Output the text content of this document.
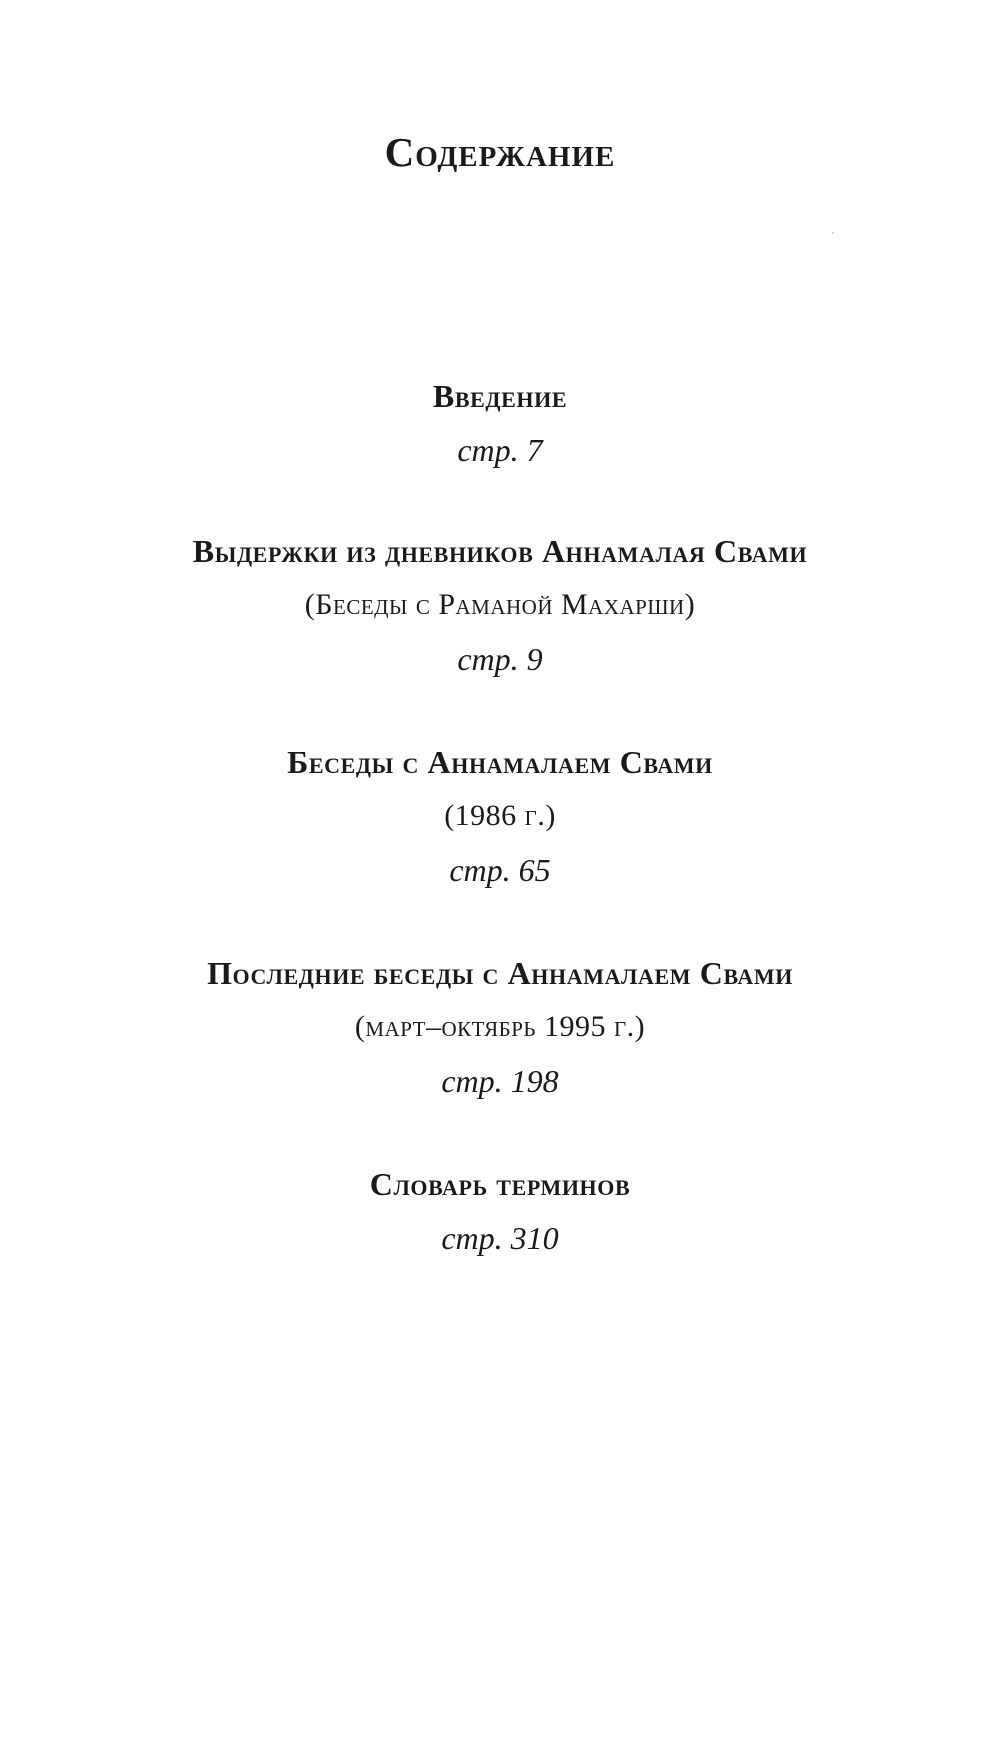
Содержание
Введение
стр. 7
Выдержки из дневников Аннамалая Свами
(Беседы с Раманой Махарши)
стр. 9
Беседы с Аннамалаем Свами
(1986 г.)
стр. 65
Последние беседы с Аннамалаем Свами
(март–октябрь 1995 г.)
стр. 198
Словарь терминов
стр. 310
